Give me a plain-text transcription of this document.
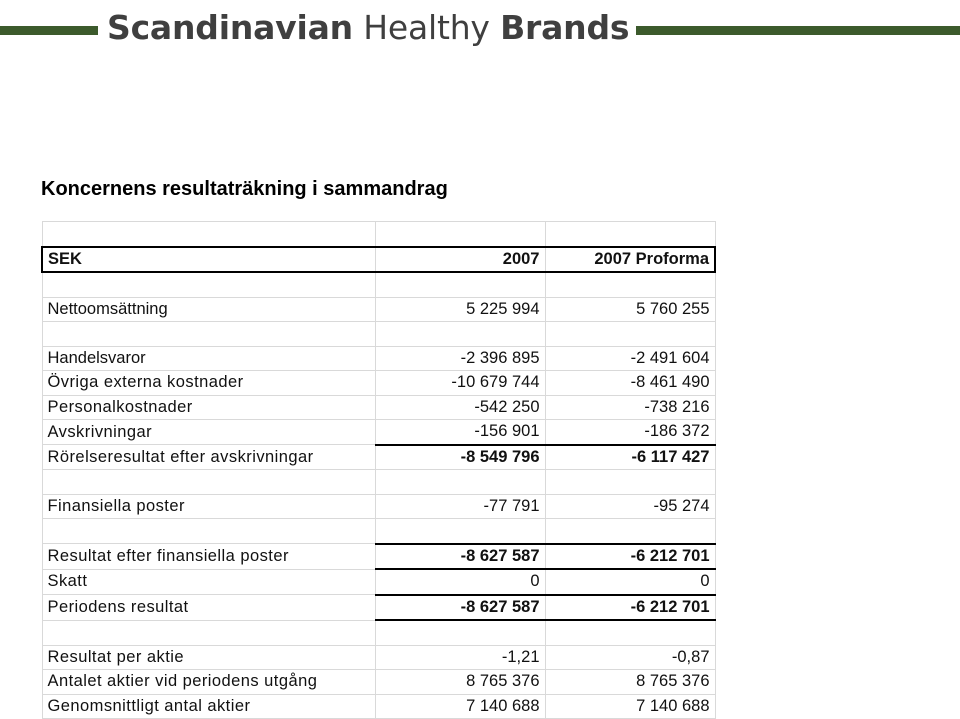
Scandinavian Healthy Brands
Koncernens resultaträkning i sammandrag

SEK	2007	2007 Proforma

Nettoomsättning	5 225 994	5 760 255

Handelsvaror	-2 396 895	-2 491 604
Övriga externa kostnader	-10 679 744	-8 461 490
Personalkostnader	-542 250	-738 216
Avskrivningar	-156 901	-186 372
Rörelseresultat efter avskrivningar	-8 549 796	-6 117 427

Finansiella poster	-77 791	-95 274

Resultat efter finansiella poster	-8 627 587	-6 212 701
Skatt	0	0
Periodens resultat	-8 627 587	-6 212 701

Resultat per aktie	-1,21	-0,87
Antalet aktier vid periodens utgång	8 765 376	8 765 376
Genomsnittligt antal aktier	7 140 688	7 140 688
